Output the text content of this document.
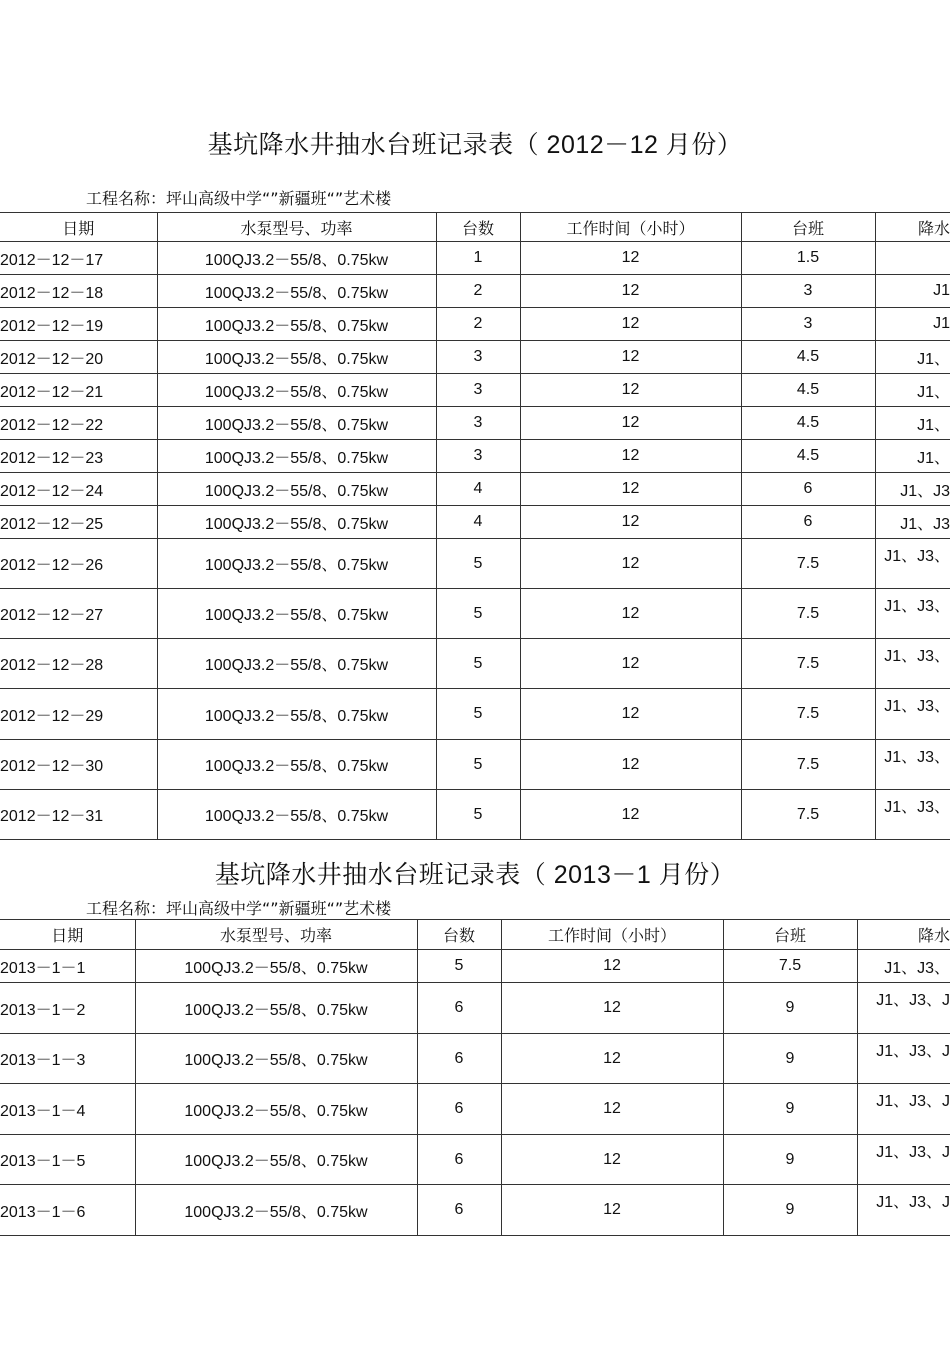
基坑降水井抽水台班记录表（ 2012－12 月份）
工程名称：坪山高级中学“”新疆班“”艺术楼
日期	水泵型号、功率	台数	工作时间（小时）	台班	降水
2012－12－17	100QJ3.2－55/8、0.75kw	1	12	1.5	
2012－12－18	100QJ3.2－55/8、0.75kw	2	12	3	J1
2012－12－19	100QJ3.2－55/8、0.75kw	2	12	3	J1
2012－12－20	100QJ3.2－55/8、0.75kw	3	12	4.5	J1、
2012－12－21	100QJ3.2－55/8、0.75kw	3	12	4.5	J1、
2012－12－22	100QJ3.2－55/8、0.75kw	3	12	4.5	J1、
2012－12－23	100QJ3.2－55/8、0.75kw	3	12	4.5	J1、
2012－12－24	100QJ3.2－55/8、0.75kw	4	12	6	J1、J3
2012－12－25	100QJ3.2－55/8、0.75kw	4	12	6	J1、J3
2012－12－26	100QJ3.2－55/8、0.75kw	5	12	7.5	J1、J3、
2012－12－27	100QJ3.2－55/8、0.75kw	5	12	7.5	J1、J3、
2012－12－28	100QJ3.2－55/8、0.75kw	5	12	7.5	J1、J3、
2012－12－29	100QJ3.2－55/8、0.75kw	5	12	7.5	J1、J3、
2012－12－30	100QJ3.2－55/8、0.75kw	5	12	7.5	J1、J3、
2012－12－31	100QJ3.2－55/8、0.75kw	5	12	7.5	J1、J3、
基坑降水井抽水台班记录表（ 2013－1 月份）
工程名称：坪山高级中学“”新疆班“”艺术楼
日期	水泵型号、功率	台数	工作时间（小时）	台班	降水
2013－1－1	100QJ3.2－55/8、0.75kw	5	12	7.5	J1、J3、
2013－1－2	100QJ3.2－55/8、0.75kw	6	12	9	J1、J3、J
2013－1－3	100QJ3.2－55/8、0.75kw	6	12	9	J1、J3、J
2013－1－4	100QJ3.2－55/8、0.75kw	6	12	9	J1、J3、J
2013－1－5	100QJ3.2－55/8、0.75kw	6	12	9	J1、J3、J
2013－1－6	100QJ3.2－55/8、0.75kw	6	12	9	J1、J3、J
